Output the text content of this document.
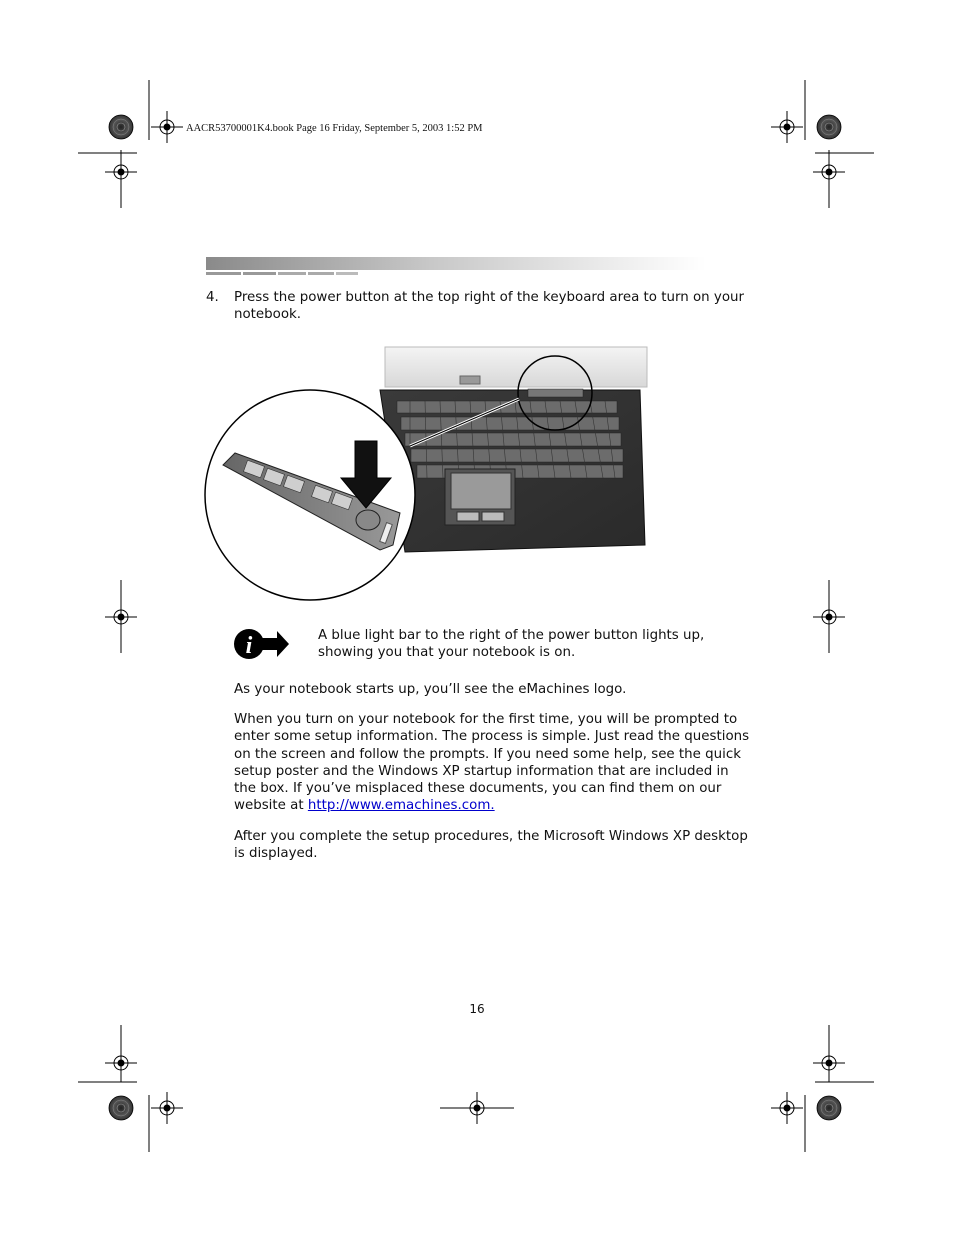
AACR53700001K4.book Page 16 Friday, September 5, 2003 1:52 PM
4. Press the power button at the top right of the keyboard area to turn on your notebook.
i	A blue light bar to the right of the power button lights up, showing you that your notebook is on.
As your notebook starts up, you’ll see the eMachines logo.
When you turn on your notebook for the first time, you will be prompted to enter some setup information. The process is simple. Just read the questions on the screen and follow the prompts. If you need some help, see the quick setup poster and the Windows XP startup information that are included in the box. If you’ve misplaced these documents, you can find them on our website at http://www.emachines.com.
After you complete the setup procedures, the Microsoft Windows XP desktop is displayed.
16
